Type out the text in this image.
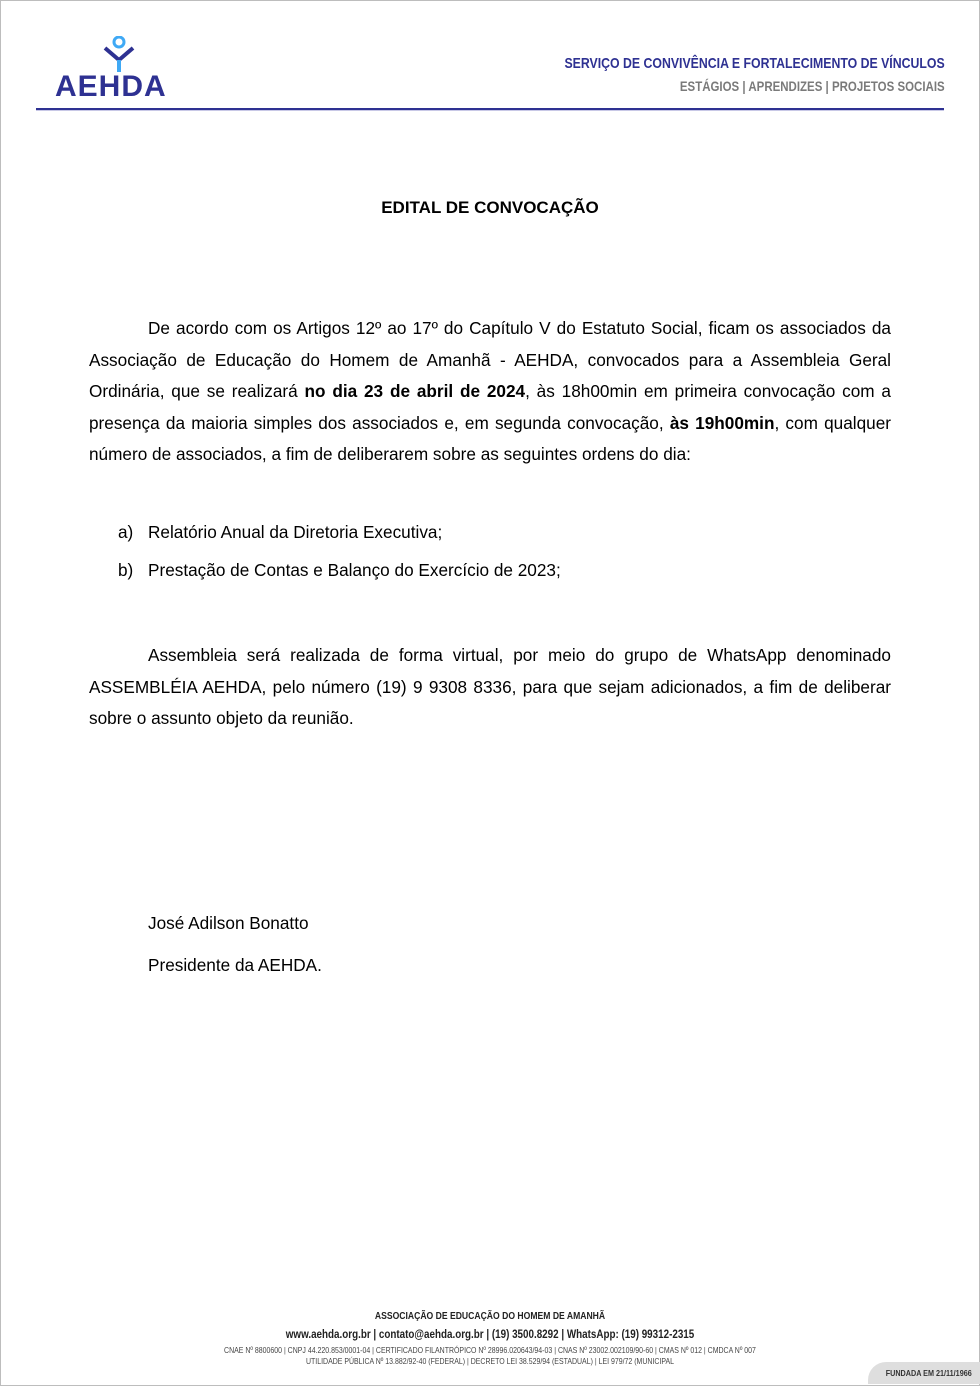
AEHDA
SERVIÇO DE CONVIVÊNCIA E FORTALECIMENTO DE VÍNCULOS
ESTÁGIOS | APRENDIZES | PROJETOS SOCIAIS
EDITAL DE CONVOCAÇÃO

De acordo com os Artigos 12º ao 17º do Capítulo V do Estatuto Social, ficam os associados da Associação de Educação do Homem de Amanhã - AEHDA, convocados para a Assembleia Geral Ordinária, que se realizará no dia 23 de abril de 2024, às 18h00min em primeira convocação com a presença da maioria simples dos associados e, em segunda convocação, às 19h00min, com qualquer número de associados, a fim de deliberarem sobre as seguintes ordens do dia:

a) Relatório Anual da Diretoria Executiva;
b) Prestação de Contas e Balanço do Exercício de 2023;

Assembleia será realizada de forma virtual, por meio do grupo de WhatsApp denominado ASSEMBLÉIA AEHDA, pelo número (19) 9 9308 8336, para que sejam adicionados, a fim de deliberar sobre o assunto objeto da reunião.

José Adilson Bonatto
Presidente da AEHDA.
ASSOCIAÇÃO DE EDUCAÇÃO DO HOMEM DE AMANHÃ
www.aehda.org.br | contato@aehda.org.br | (19) 3500.8292 | WhatsApp: (19) 99312-2315
CNAE Nº 8800600 | CNPJ 44.220.853/0001-04 | CERTIFICADO FILANTRÓPICO Nº 28996.020643/94-03 | CNAS Nº 23002.002109/90-60 | CMAS Nº 012 | CMDCA Nº 007
UTILIDADE PÚBLICA Nº 13.882/92-40 (FEDERAL) | DECRETO LEI 38.529/94 (ESTADUAL) | LEI 979/72 (MUNICIPAL
FUNDADA EM 21/11/1966
